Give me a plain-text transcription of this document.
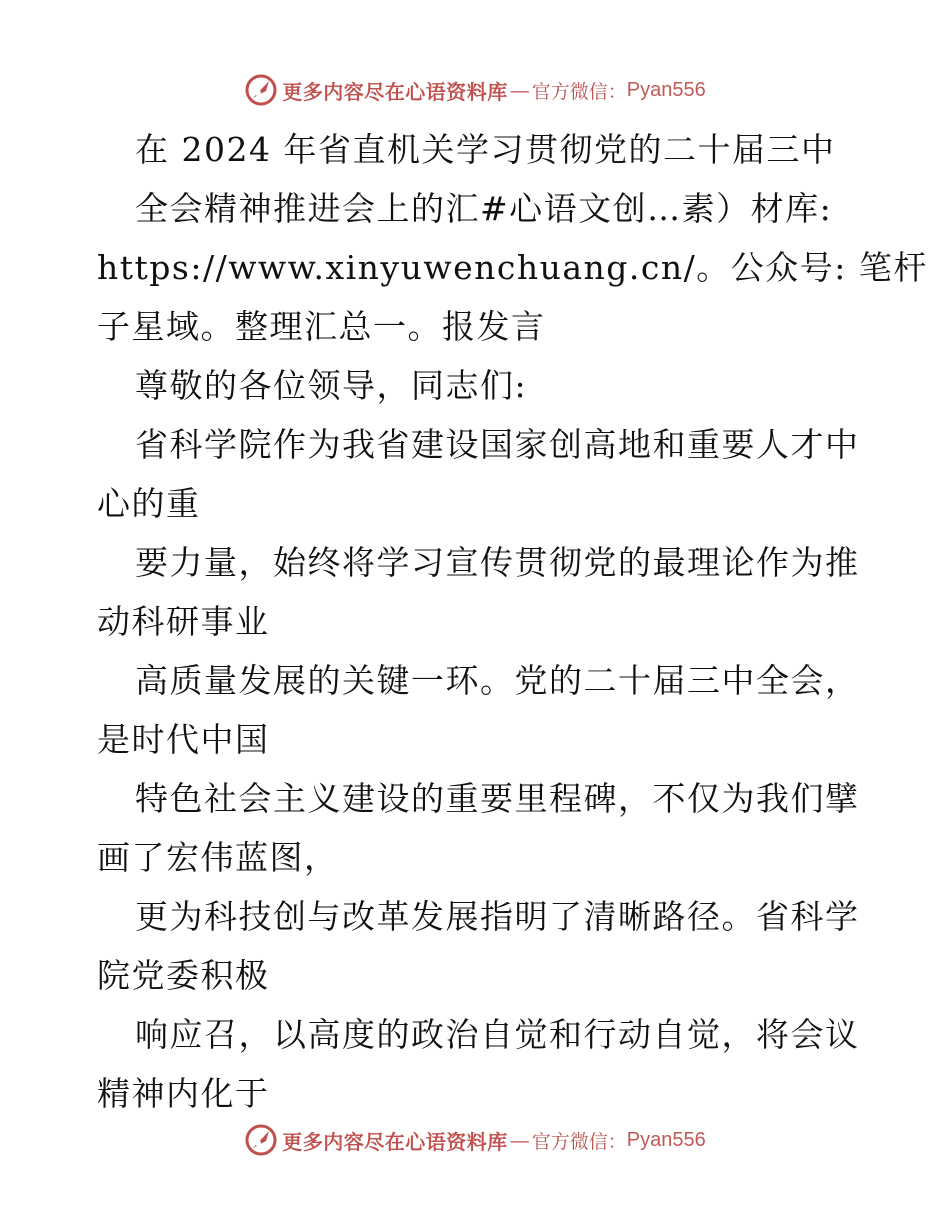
更多内容尽在心语资料库 — 官方微信： Pyan556
在 2024 年省直机关学习贯彻党的二十届三中
全会精神推进会上的汇#心语文创…素）材库:
https://www.xinyuwenchuang.cn/。公众号: 笔杆
子星域。整理汇总一。报发言
尊敬的各位领导，同志们:
省科学院作为我省建设国家创高地和重要人才中
心的重
要力量，始终将学习宣传贯彻党的最理论作为推
动科研事业
高质量发展的关键一环。党的二十届三中全会，
是时代中国
特色社会主义建设的重要里程碑，不仅为我们擘
画了宏伟蓝图，
更为科技创与改革发展指明了清晰路径。省科学
院党委积极
响应召，以高度的政治自觉和行动自觉，将会议
精神内化于
更多内容尽在心语资料库 — 官方微信： Pyan556
